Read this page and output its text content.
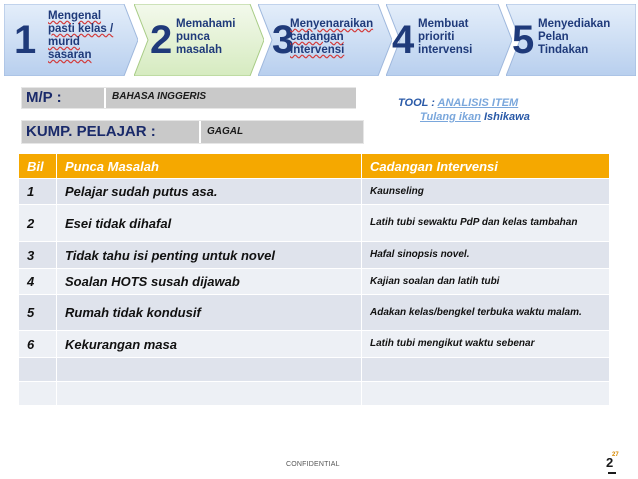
1
Mengenal
pasti kelas /
murid
sasaran	2 Memahami
punca
masalah	3
Menyenaraikan
cadangan
intervensi	4 Membuat
prioriti
intervensi 5 Menyediakan
Pelan
Tindakan
M/P :	BAHASA INGGERIS
TOOL : ANALISIS ITEM
Tulang ikan Ishikawa
KUMP. PELAJAR :	GAGAL
Bil	Punca Masalah	Cadangan Intervensi
1	Pelajar sudah putus asa.	Kaunseling
2	Esei tidak dihafal	Latih tubi sewaktu PdP dan kelas tambahan
3	Tidak tahu isi penting untuk novel	Hafal sinopsis novel.
4	Soalan HOTS susah dijawab	Kajian soalan dan latih tubi
5	Rumah tidak kondusif	Adakan kelas/bengkel terbuka waktu malam.
6	Kekurangan masa	Latih tubi mengikut waktu sebenar

CONFIDENTIAL
27
2
